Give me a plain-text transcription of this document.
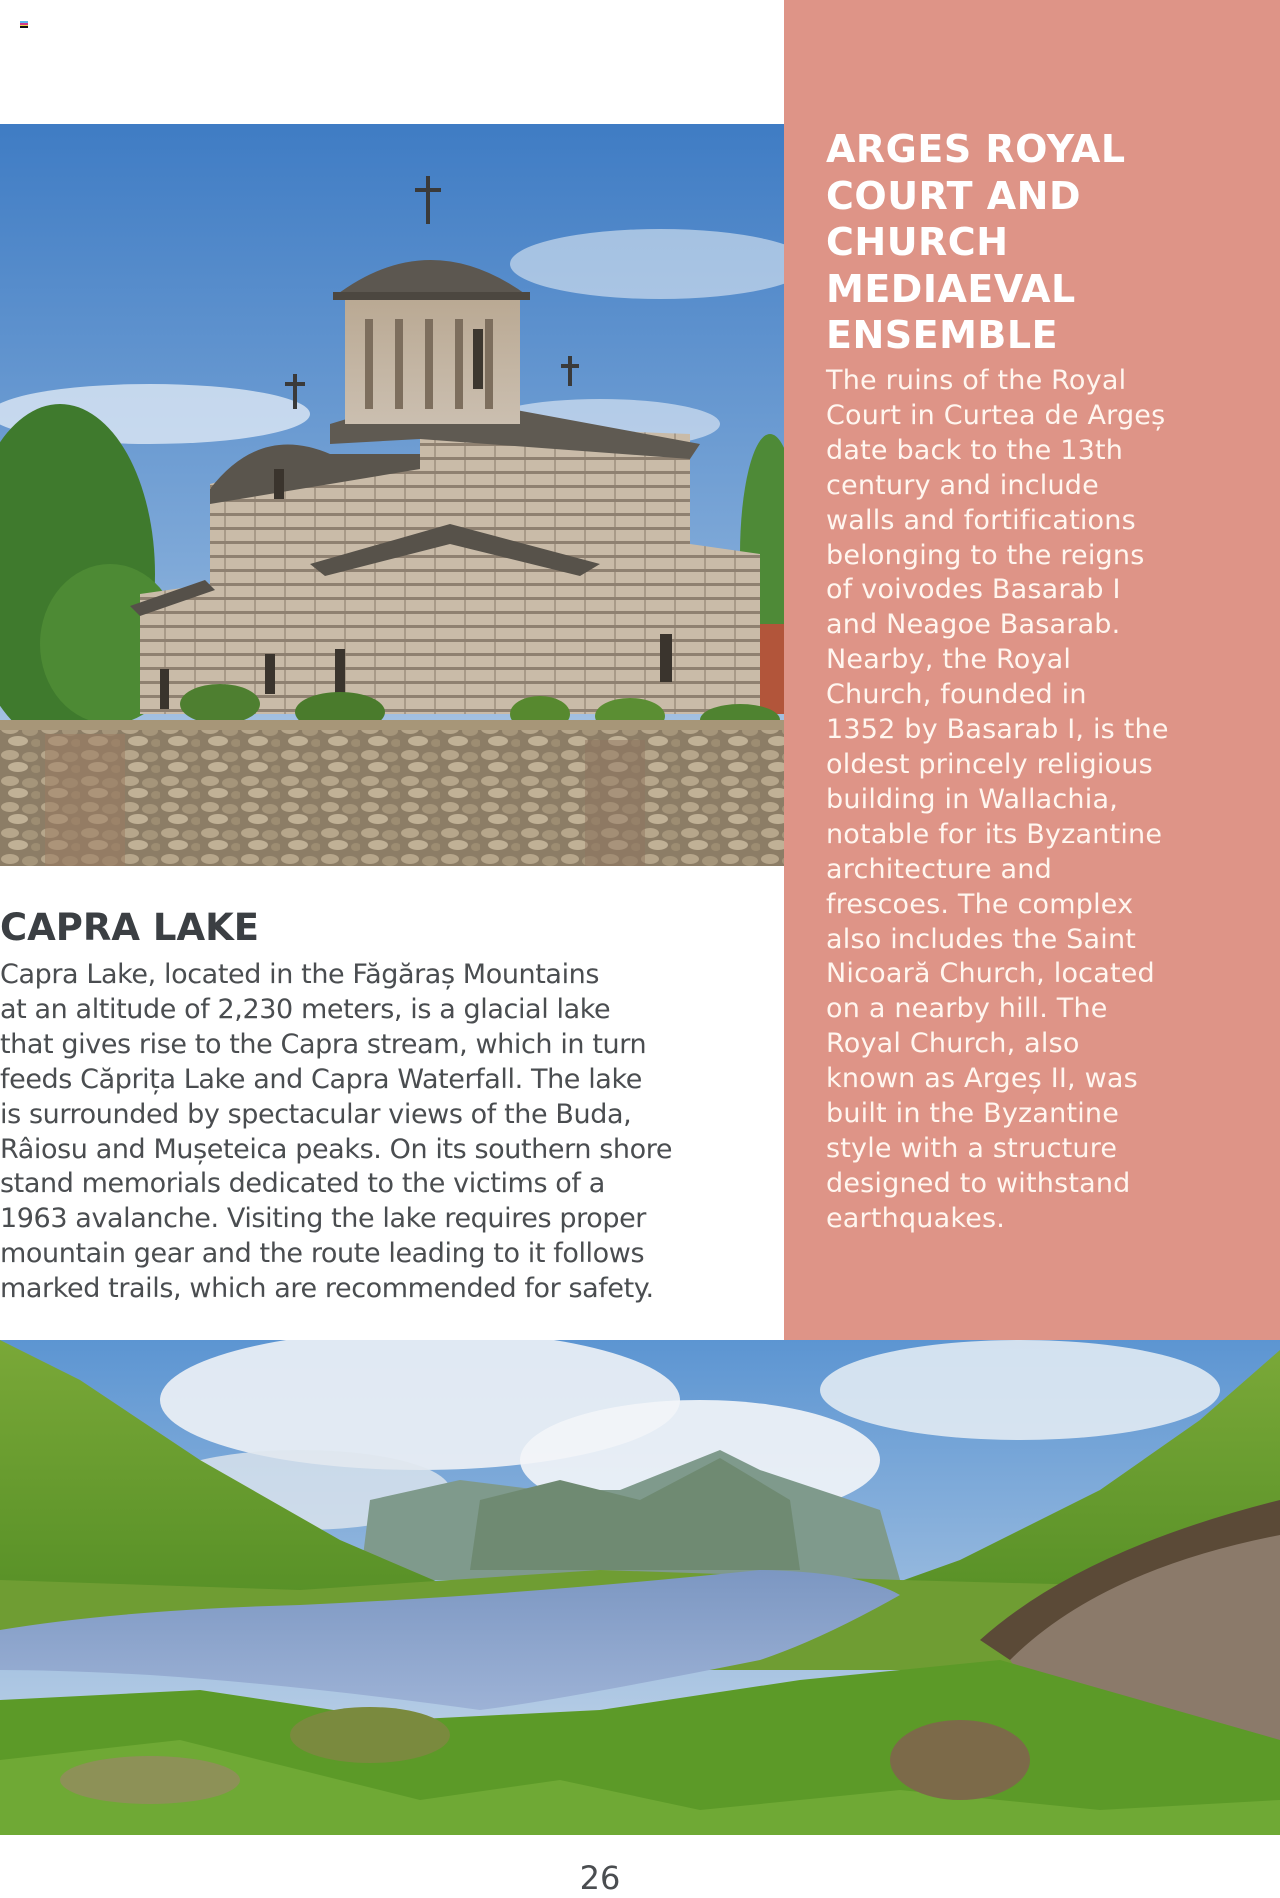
ARGES ROYAL
COURT AND
CHURCH
MEDIAEVAL
ENSEMBLE

The ruins of the Royal
Court in Curtea de Argeș
date back to the 13th
century and include
walls and fortifications
belonging to the reigns
of voivodes Basarab I
and Neagoe Basarab.
Nearby, the Royal
Church, founded in
1352 by Basarab I, is the
oldest princely religious
building in Wallachia,
notable for its Byzantine
architecture and
frescoes. The complex
also includes the Saint
Nicoară Church, located
on a nearby hill. The
Royal Church, also
known as Argeș II, was
built in the Byzantine
style with a structure
designed to withstand
earthquakes.

CAPRA LAKE

Capra Lake, located in the Făgăraș Mountains
at an altitude of 2,230 meters, is a glacial lake
that gives rise to the Capra stream, which in turn
feeds Căprița Lake and Capra Waterfall. The lake
is surrounded by spectacular views of the Buda,
Râiosu and Mușeteica peaks. On its southern shore
stand memorials dedicated to the victims of a
1963 avalanche. Visiting the lake requires proper
mountain gear and the route leading to it follows
marked trails, which are recommended for safety.

26
